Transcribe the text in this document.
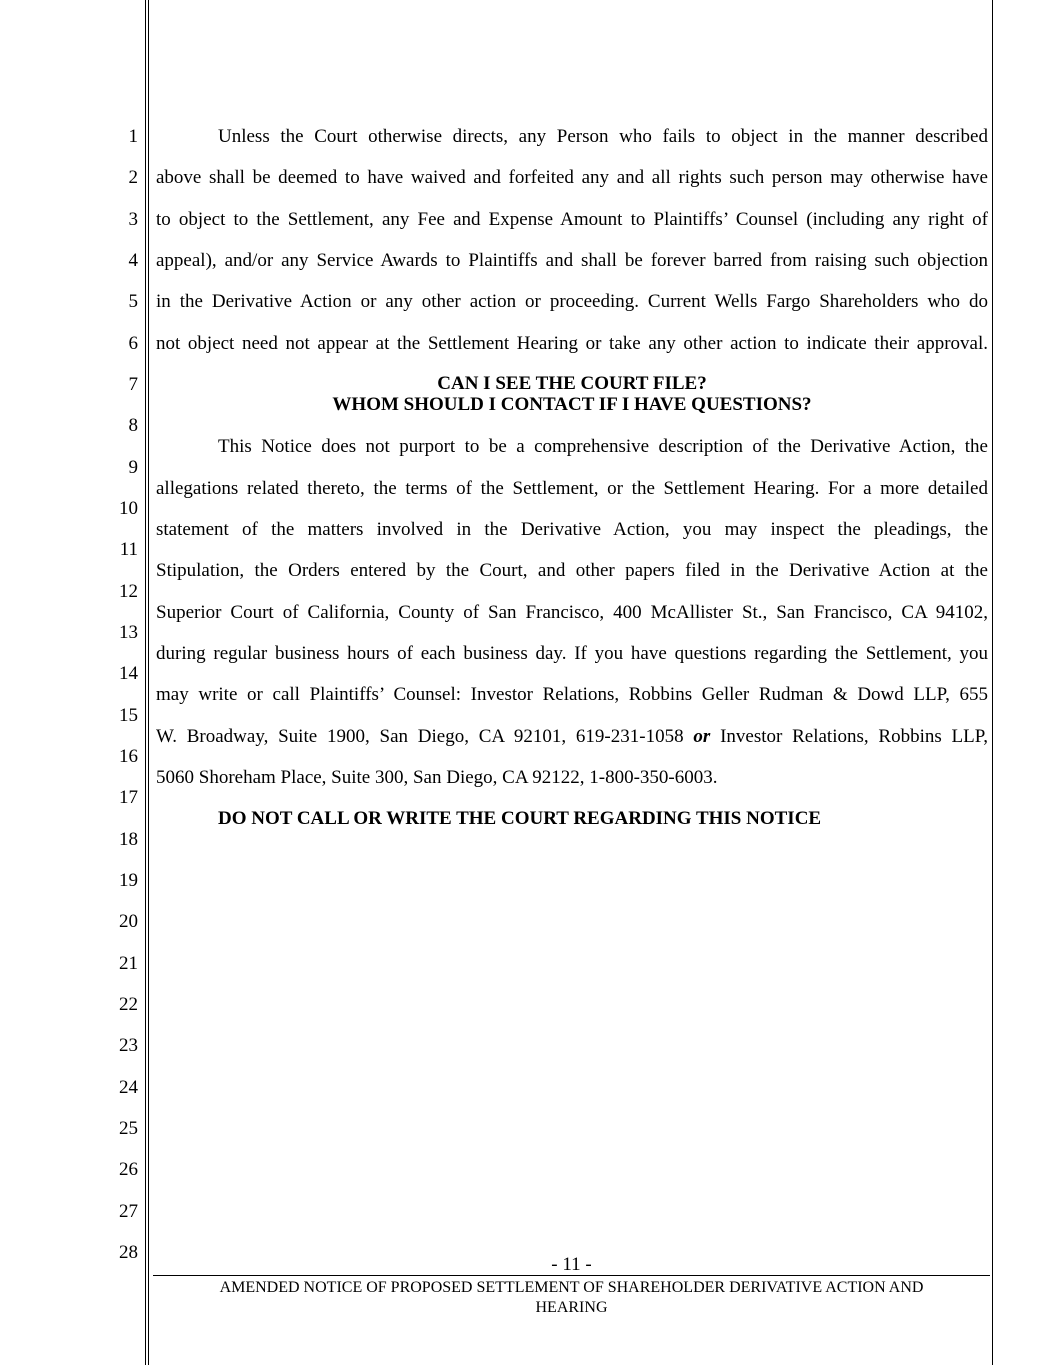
1
2
3
4
5
6
7
8
9
10
11
12
13
14
15
16
17
18
19
20
21
22
23
24
25
26
27
28
Unless the Court otherwise directs, any Person who fails to object in the manner described
above shall be deemed to have waived and forfeited any and all rights such person may otherwise have
to object to the Settlement, any Fee and Expense Amount to Plaintiffs’ Counsel (including any right of
appeal), and/or any Service Awards to Plaintiffs and shall be forever barred from raising such objection
in the Derivative Action or any other action or proceeding. Current Wells Fargo Shareholders who do
not object need not appear at the Settlement Hearing or take any other action to indicate their approval.
CAN I SEE THE COURT FILE?
WHOM SHOULD I CONTACT IF I HAVE QUESTIONS?
This Notice does not purport to be a comprehensive description of the Derivative Action, the
allegations related thereto, the terms of the Settlement, or the Settlement Hearing. For a more detailed
statement of the matters involved in the Derivative Action, you may inspect the pleadings, the
Stipulation, the Orders entered by the Court, and other papers filed in the Derivative Action at the
Superior Court of California, County of San Francisco, 400 McAllister St., San Francisco, CA 94102,
during regular business hours of each business day. If you have questions regarding the Settlement, you
may write or call Plaintiffs’ Counsel: Investor Relations, Robbins Geller Rudman & Dowd LLP, 655
W. Broadway, Suite 1900, San Diego, CA 92101, 619-231-1058 or Investor Relations, Robbins LLP,
5060 Shoreham Place, Suite 300, San Diego, CA 92122, 1-800-350-6003.
DO NOT CALL OR WRITE THE COURT REGARDING THIS NOTICE
- 11 -
AMENDED NOTICE OF PROPOSED SETTLEMENT OF SHAREHOLDER DERIVATIVE ACTION AND
HEARING
